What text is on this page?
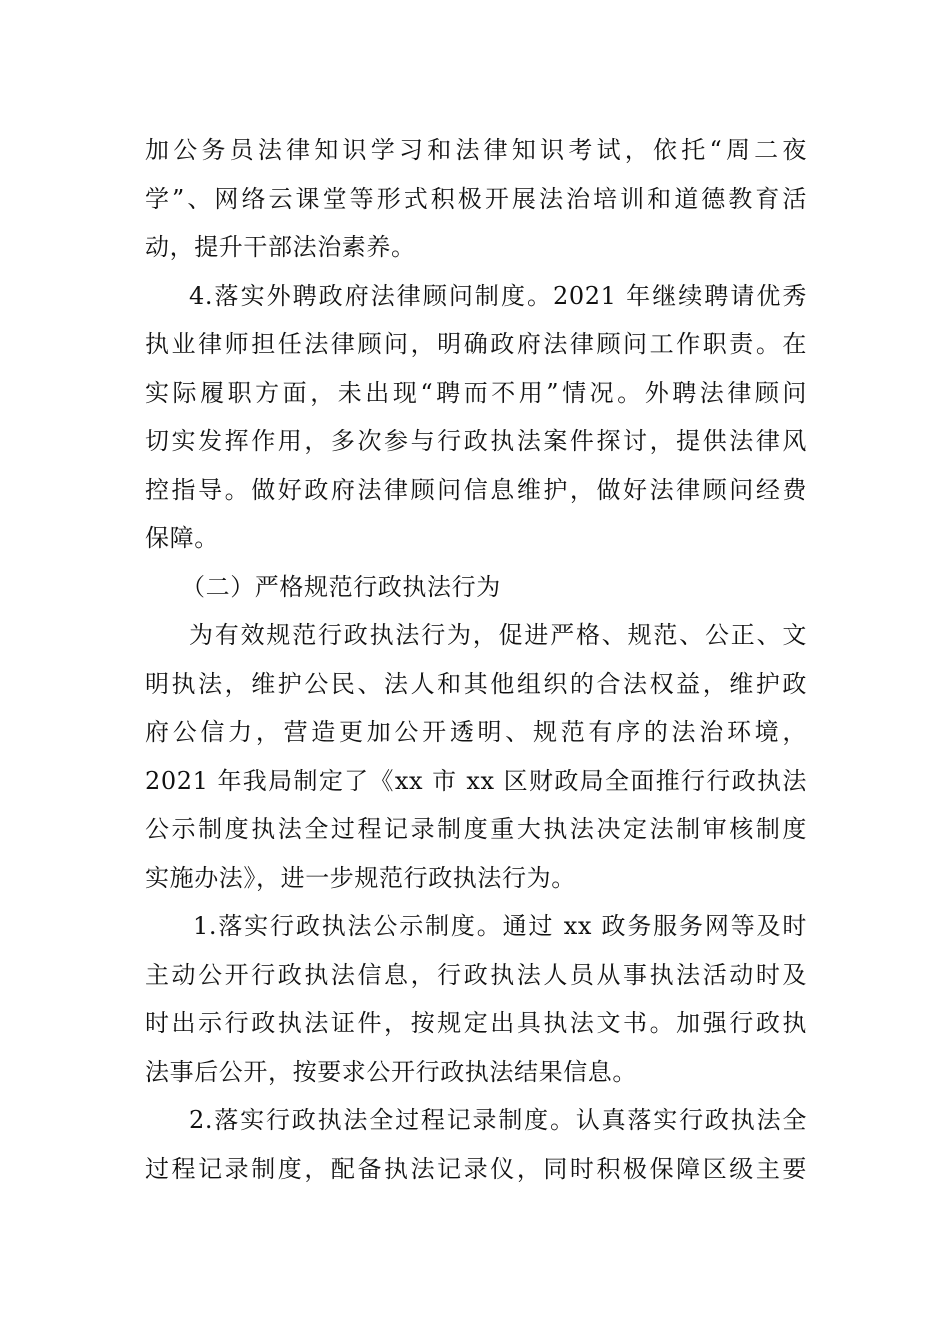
加公务员法律知识学习和法律知识考试，依托“周二夜
学”、网络云课堂等形式积极开展法治培训和道德教育活
动，提升干部法治素养。
4.落实外聘政府法律顾问制度。2021 年继续聘请优秀
执业律师担任法律顾问，明确政府法律顾问工作职责。在
实际履职方面，未出现“聘而不用”情况。外聘法律顾问
切实发挥作用，多次参与行政执法案件探讨，提供法律风
控指导。做好政府法律顾问信息维护，做好法律顾问经费
保障。
（二）严格规范行政执法行为
为有效规范行政执法行为，促进严格、规范、公正、文
明执法，维护公民、法人和其他组织的合法权益，维护政
府公信力，营造更加公开透明、规范有序的法治环境，
2021 年我局制定了《xx 市 xx 区财政局全面推行行政执法
公示制度执法全过程记录制度重大执法决定法制审核制度
实施办法》，进一步规范行政执法行为。
1.落实行政执法公示制度。通过 xx 政务服务网等及时
主动公开行政执法信息，行政执法人员从事执法活动时及
时出示行政执法证件，按规定出具执法文书。加强行政执
法事后公开，按要求公开行政执法结果信息。
2.落实行政执法全过程记录制度。认真落实行政执法全
过程记录制度，配备执法记录仪，同时积极保障区级主要
